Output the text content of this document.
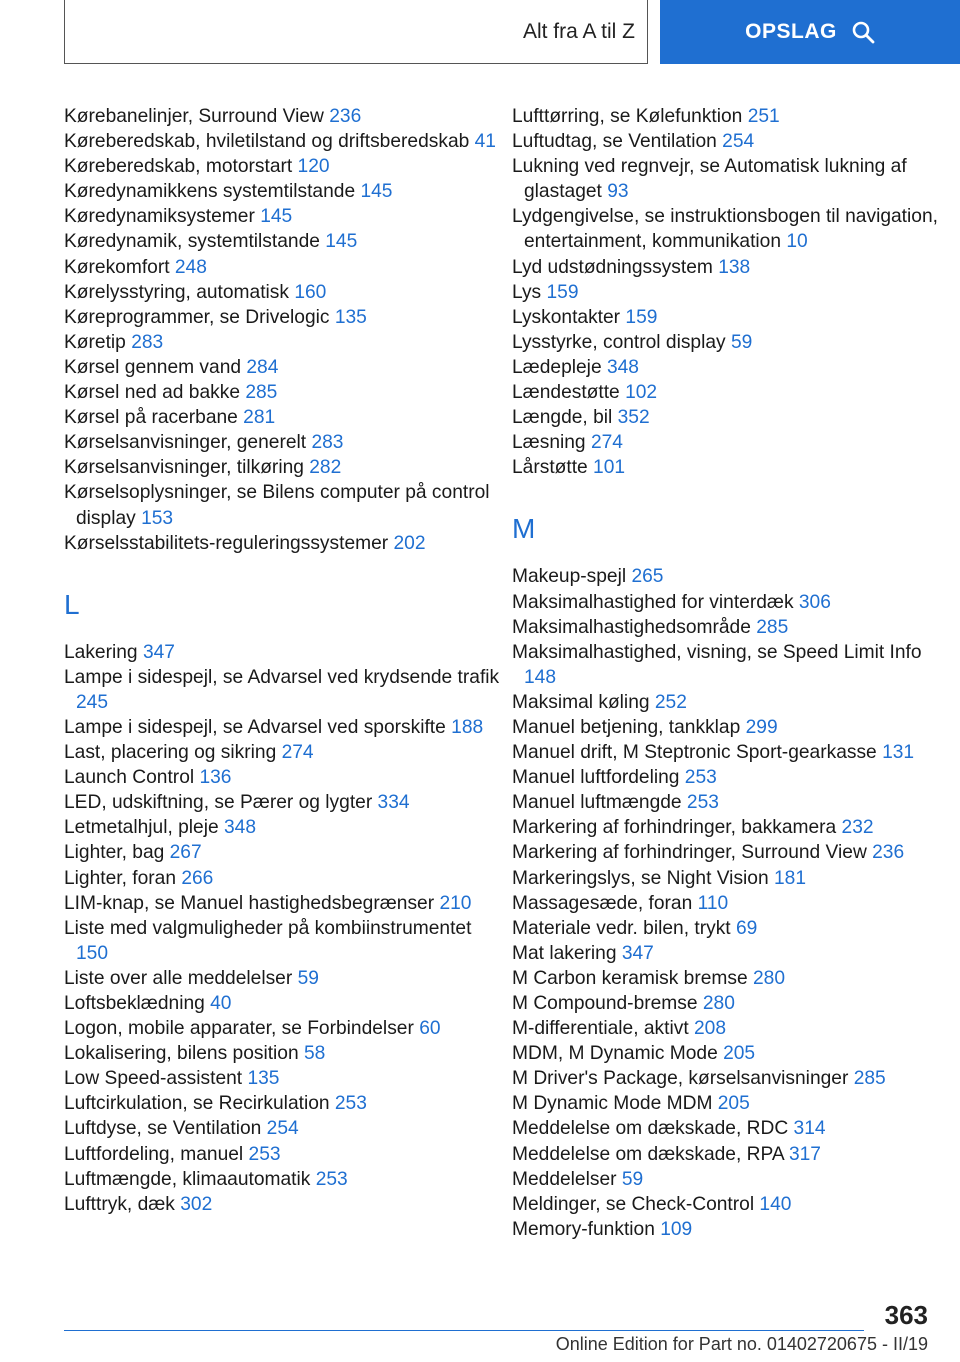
Alt fra A til Z	OPSLAG
Kørebanelinjer, Surround View 236
Køreberedskab, hviletilstand og driftsberedskab 41
Køreberedskab, motorstart 120
Køredynamikkens systemtilstande 145
Køredynamiksystemer 145
Køredynamik, systemtilstande 145
Kørekomfort 248
Kørelysstyring, automatisk 160
Køreprogrammer, se Drivelogic 135
Køretip 283
Kørsel gennem vand 284
Kørsel ned ad bakke 285
Kørsel på racerbane 281
Kørselsanvisninger, generelt 283
Kørselsanvisninger, tilkøring 282
Kørselsoplysninger, se Bilens computer på control display 153
Kørselsstabilitets-reguleringssystemer 202
L
Lakering 347
Lampe i sidespejl, se Advarsel ved krydsende trafik 245
Lampe i sidespejl, se Advarsel ved sporskifte 188
Last, placering og sikring 274
Launch Control 136
LED, udskiftning, se Pærer og lygter 334
Letmetalhjul, pleje 348
Lighter, bag 267
Lighter, foran 266
LIM-knap, se Manuel hastighedsbegrænser 210
Liste med valgmuligheder på kombiinstrumentet 150
Liste over alle meddelelser 59
Loftsbeklædning 40
Logon, mobile apparater, se Forbindelser 60
Lokalisering, bilens position 58
Low Speed-assistent 135
Luftcirkulation, se Recirkulation 253
Luftdyse, se Ventilation 254
Luftfordeling, manuel 253
Luftmængde, klimaautomatik 253
Lufttryk, dæk 302
Lufttørring, se Kølefunktion 251
Luftudtag, se Ventilation 254
Lukning ved regnvejr, se Automatisk lukning af glastaget 93
Lydgengivelse, se instruktionsbogen til navigation, entertainment, kommunikation 10
Lyd udstødningssystem 138
Lys 159
Lyskontakter 159
Lysstyrke, control display 59
Lædepleje 348
Lændestøtte 102
Længde, bil 352
Læsning 274
Lårstøtte 101
M
Makeup-spejl 265
Maksimalhastighed for vinterdæk 306
Maksimalhastighedsområde 285
Maksimalhastighed, visning, se Speed Limit Info 148
Maksimal køling 252
Manuel betjening, tankklap 299
Manuel drift, M Steptronic Sport-gearkasse 131
Manuel luftfordeling 253
Manuel luftmængde 253
Markering af forhindringer, bakkamera 232
Markering af forhindringer, Surround View 236
Markeringslys, se Night Vision 181
Massagesæde, foran 110
Materiale vedr. bilen, trykt 69
Mat lakering 347
M Carbon keramisk bremse 280
M Compound-bremse 280
M-differentiale, aktivt 208
MDM, M Dynamic Mode 205
M Driver's Package, kørselsanvisninger 285
M Dynamic Mode MDM 205
Meddelelse om dækskade, RDC 314
Meddelelse om dækskade, RPA 317
Meddelelser 59
Meldinger, se Check-Control 140
Memory-funktion 109
363
Online Edition for Part no. 01402720675 - II/19
